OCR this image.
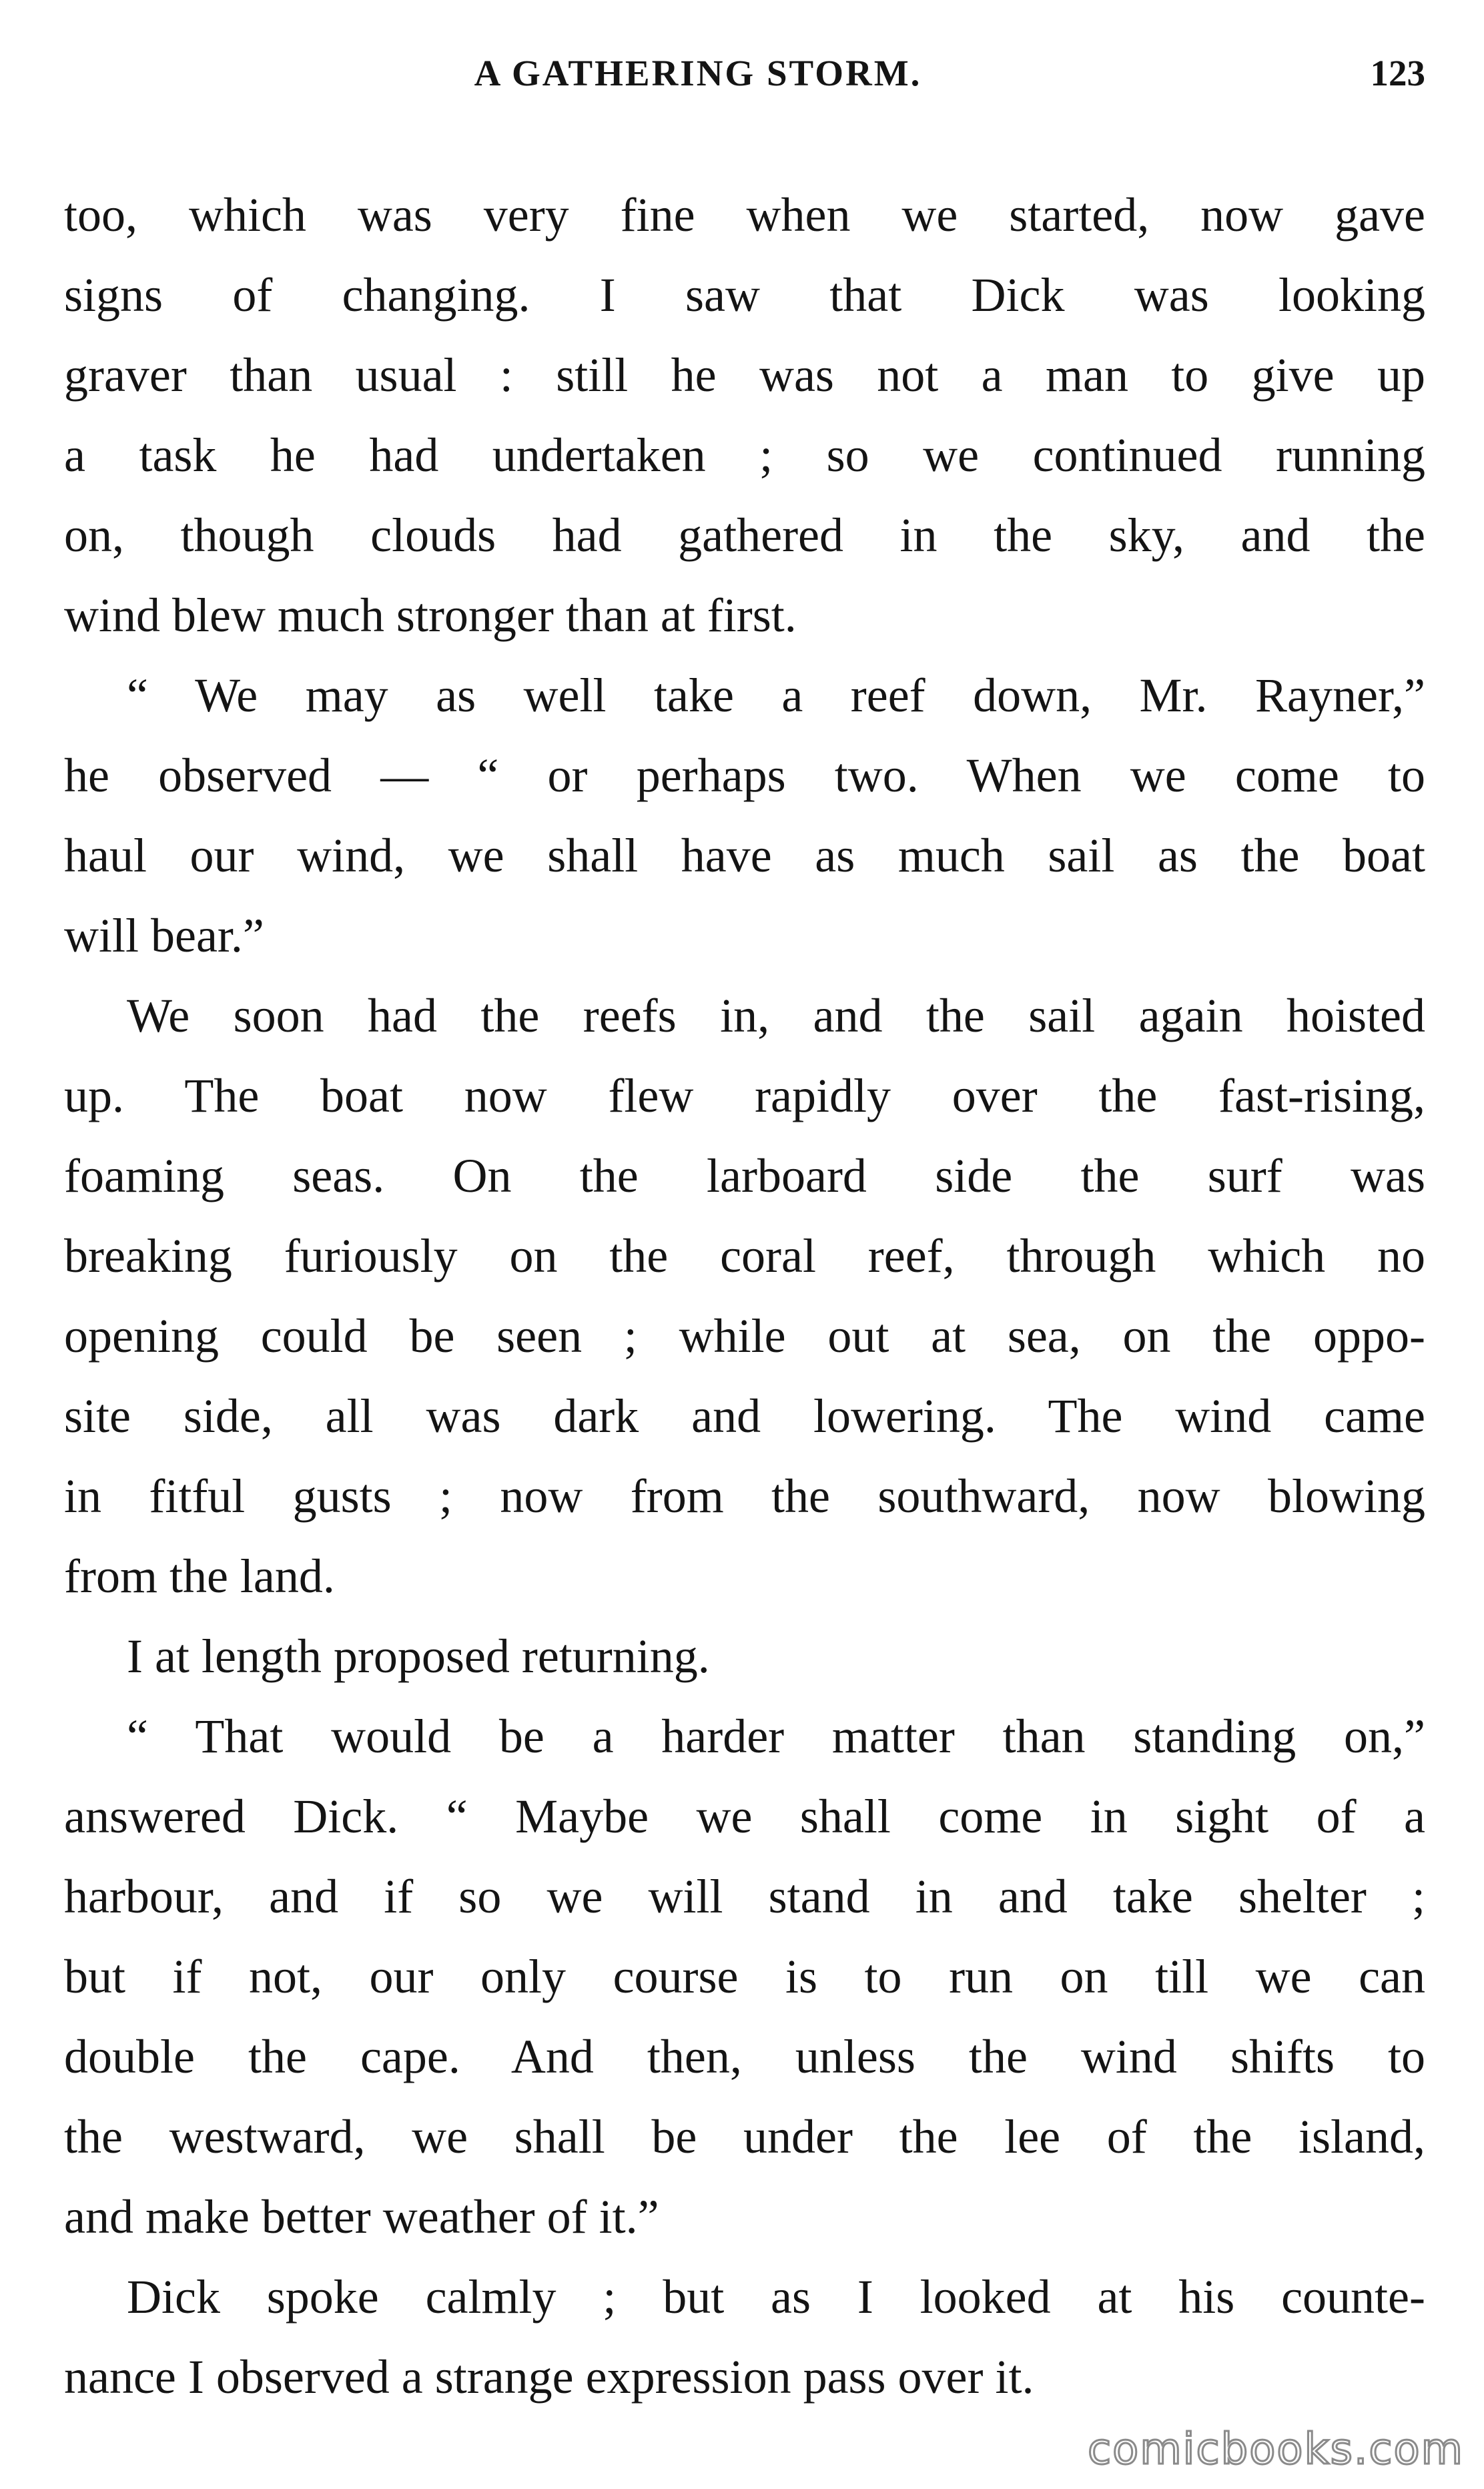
A GATHERING STORM.	123
too, which was very fine when we started, now gave
signs of changing. I saw that Dick was looking
graver than usual : still he was not a man to give up
a task he had undertaken ; so we continued running
on, though clouds had gathered in the sky, and the
wind blew much stronger than at first.
“ We may as well take a reef down, Mr. Rayner,”
he observed — “ or perhaps two. When we come to
haul our wind, we shall have as much sail as the boat
will bear.”
We soon had the reefs in, and the sail again hoisted
up. The boat now flew rapidly over the fast-rising,
foaming seas. On the larboard side the surf was
breaking furiously on the coral reef, through which no
opening could be seen ; while out at sea, on the oppo-
site side, all was dark and lowering. The wind came
in fitful gusts ; now from the southward, now blowing
from the land.
I at length proposed returning.
“ That would be a harder matter than standing on,”
answered Dick. “ Maybe we shall come in sight of a
harbour, and if so we will stand in and take shelter ;
but if not, our only course is to run on till we can
double the cape. And then, unless the wind shifts to
the westward, we shall be under the lee of the island,
and make better weather of it.”
Dick spoke calmly ; but as I looked at his counte-
nance I observed a strange expression pass over it.
comicbooks.com
